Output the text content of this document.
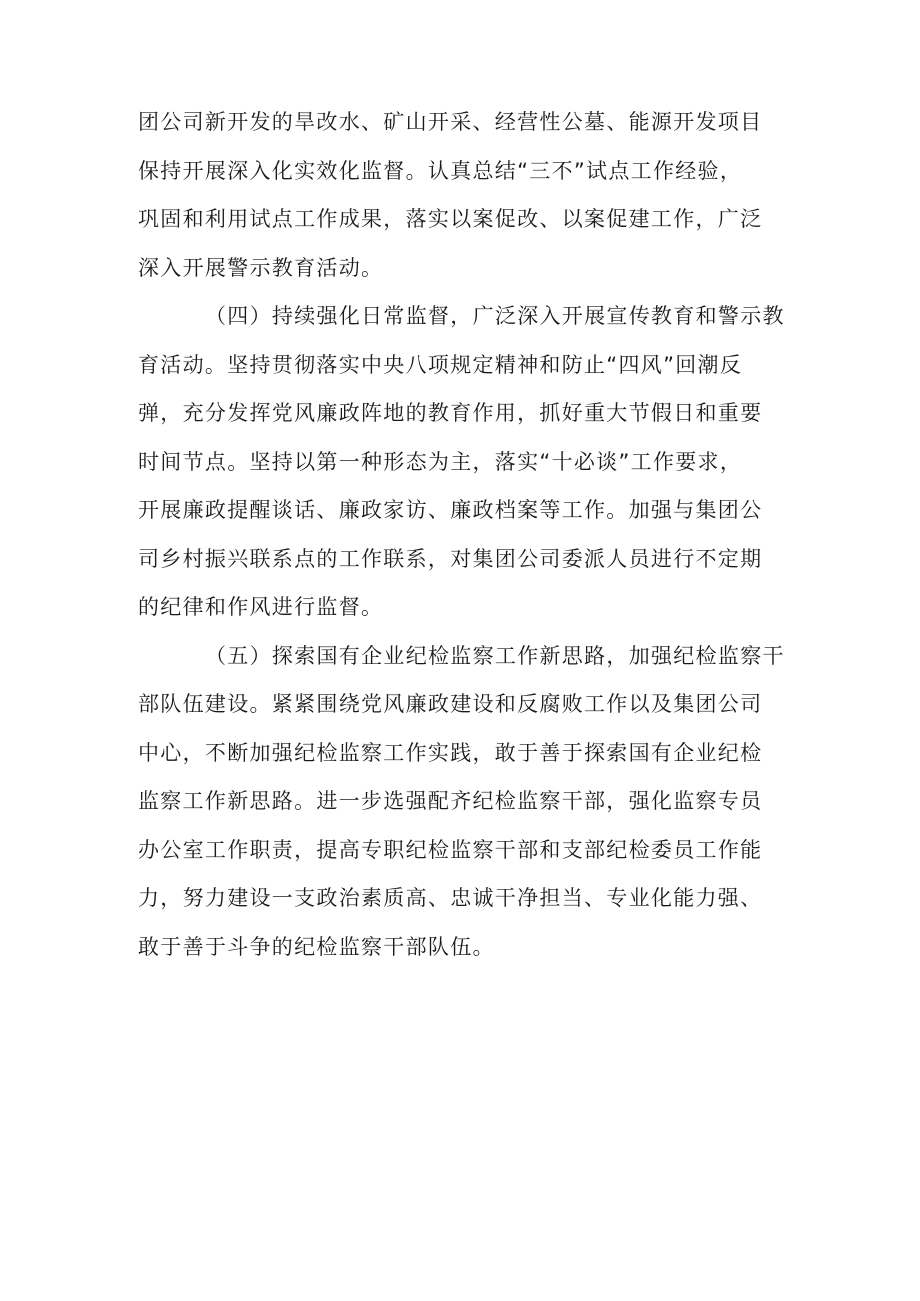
团公司新开发的旱改水、矿山开采、经营性公墓、能源开发项目
保持开展深入化实效化监督。认真总结“三不”试点工作经验，
巩固和利用试点工作成果，落实以案促改、以案促建工作，广泛
深入开展警示教育活动。
（四）持续强化日常监督，广泛深入开展宣传教育和警示教
育活动。坚持贯彻落实中央八项规定精神和防止“四风”回潮反
弹，充分发挥党风廉政阵地的教育作用，抓好重大节假日和重要
时间节点。坚持以第一种形态为主，落实“十必谈”工作要求，
开展廉政提醒谈话、廉政家访、廉政档案等工作。加强与集团公
司乡村振兴联系点的工作联系，对集团公司委派人员进行不定期
的纪律和作风进行监督。
（五）探索国有企业纪检监察工作新思路，加强纪检监察干
部队伍建设。紧紧围绕党风廉政建设和反腐败工作以及集团公司
中心，不断加强纪检监察工作实践，敢于善于探索国有企业纪检
监察工作新思路。进一步选强配齐纪检监察干部，强化监察专员
办公室工作职责，提高专职纪检监察干部和支部纪检委员工作能
力，努力建设一支政治素质高、忠诚干净担当、专业化能力强、
敢于善于斗争的纪检监察干部队伍。
